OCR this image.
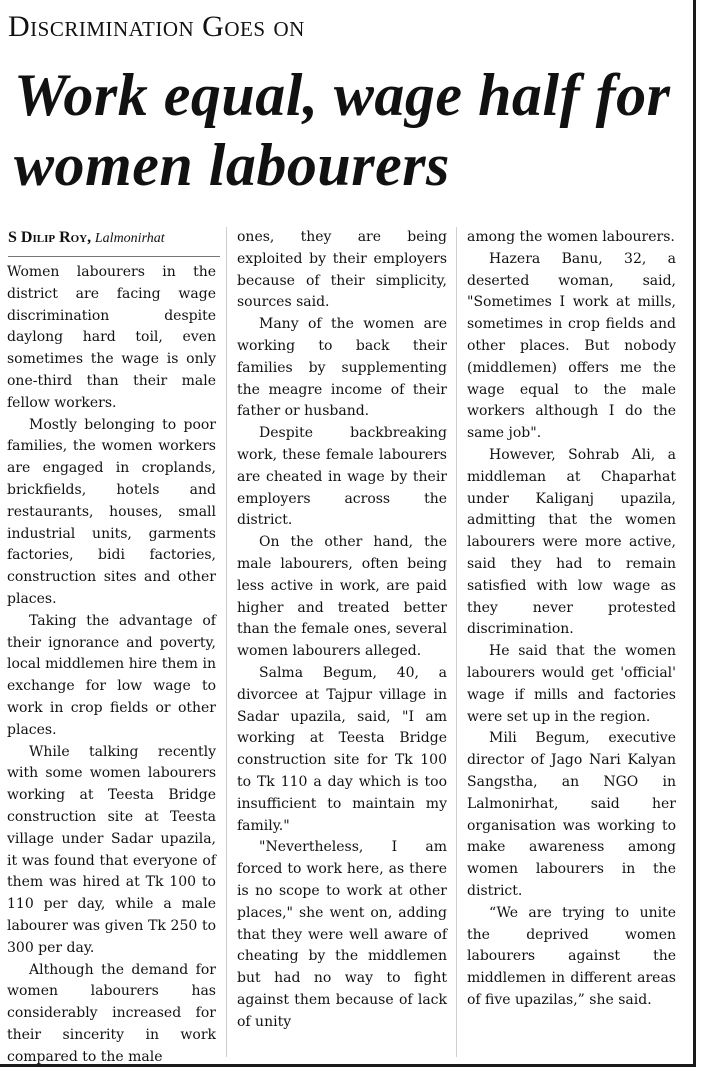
Discrimination Goes on
Work equal, wage half for women labourers
S Dilip Roy, Lalmonirhat

Women labourers in the district are facing wage discrimination despite daylong hard toil, even sometimes the wage is only one-third than their male fellow workers.

Mostly belonging to poor families, the women workers are engaged in croplands, brickfields, hotels and restaurants, houses, small industrial units, garments factories, bidi factories, construction sites and other places.

Taking the advantage of their ignorance and poverty, local middlemen hire them in exchange for low wage to work in crop fields or other places.

While talking recently with some women labourers working at Teesta Bridge construction site at Teesta village under Sadar upazila, it was found that everyone of them was hired at Tk 100 to 110 per day, while a male labourer was given Tk 250 to 300 per day.

Although the demand for women labourers has considerably increased for their sincerity in work compared to the male

ones, they are being exploited by their employers because of their simplicity, sources said.

Many of the women are working to back their families by supplementing the meagre income of their father or husband.

Despite backbreaking work, these female labourers are cheated in wage by their employers across the district.

On the other hand, the male labourers, often being less active in work, are paid higher and treated better than the female ones, several women labourers alleged.

Salma Begum, 40, a divorcee at Tajpur village in Sadar upazila, said, "I am working at Teesta Bridge construction site for Tk 100 to Tk 110 a day which is too insufficient to maintain my family."

"Nevertheless, I am forced to work here, as there is no scope to work at other places," she went on, adding that they were well aware of cheating by the middlemen but had no way to fight against them because of lack of unity

among the women labourers.

Hazera Banu, 32, a deserted woman, said, "Sometimes I work at mills, sometimes in crop fields and other places. But nobody (middlemen) offers me the wage equal to the male workers although I do the same job".

However, Sohrab Ali, a middleman at Chaparhat under Kaliganj upazila, admitting that the women labourers were more active, said they had to remain satisfied with low wage as they never protested discrimination.

He said that the women labourers would get 'official' wage if mills and factories were set up in the region.

Mili Begum, executive director of Jago Nari Kalyan Sangstha, an NGO in Lalmonirhat, said her organisation was working to make awareness among women labourers in the district.

“We are trying to unite the deprived women labourers against the middlemen in different areas of five upazilas,” she said.
